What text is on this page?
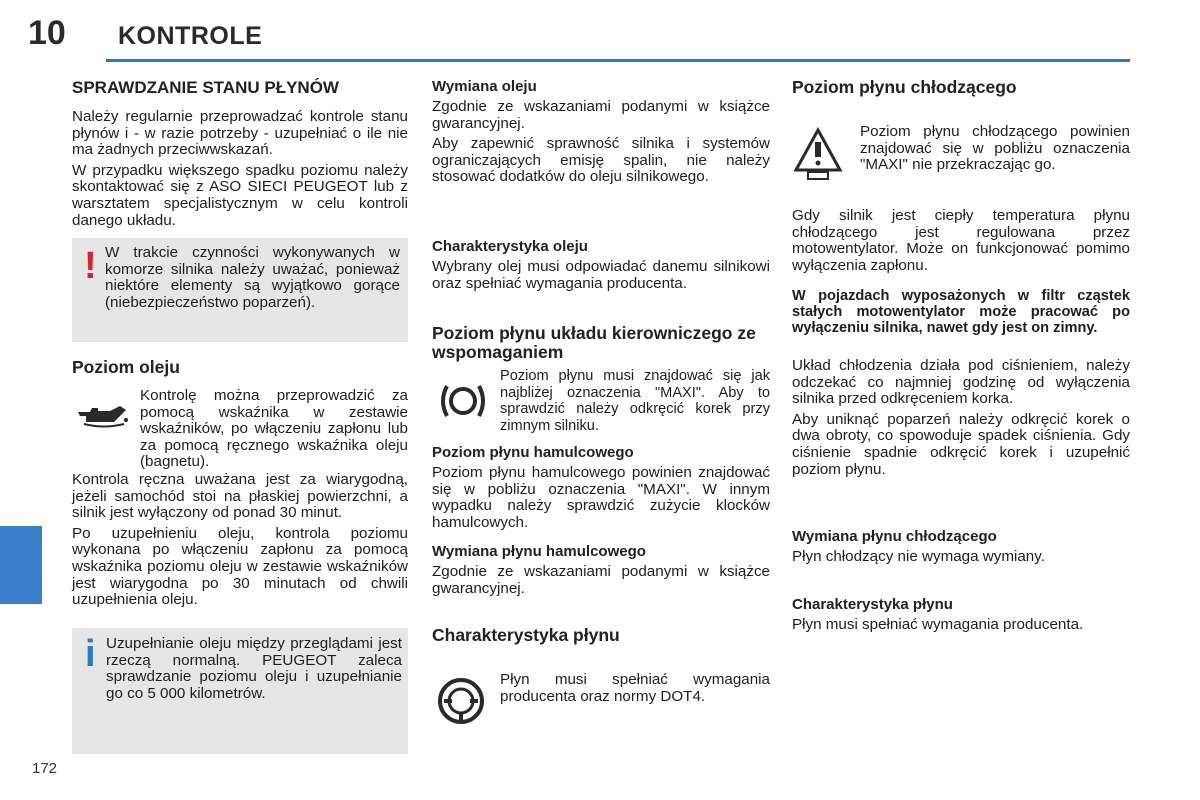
10 KONTROLE
172
SPRAWDZANIE STANU PŁYNÓW

Należy regularnie przeprowadzać kontrole stanu płynów i - w razie potrzeby - uzupełniać o ile nie ma żadnych przeciwwskazań.

W przypadku większego spadku poziomu należy skontaktować się z ASO SIECI PEUGEOT lub z warsztatem specjalistycznym w celu kontroli danego układu.

! W trakcie czynności wykonywanych w komorze silnika należy uważać, ponieważ niektóre elementy są wyjątkowo gorące (niebezpieczeństwo poparzeń).

Poziom oleju

Kontrolę można przeprowadzić za pomocą wskaźnika w zestawie wskaźników, po włączeniu zapłonu lub za pomocą ręcznego wskaźnika oleju (bagnetu).

Kontrola ręczna uważana jest za wiarygodną, jeżeli samochód stoi na płaskiej powierzchni, a silnik jest wyłączony od ponad 30 minut.

Po uzupełnieniu oleju, kontrola poziomu wykonana po włączeniu zapłonu za pomocą wskaźnika poziomu oleju w zestawie wskaźników jest wiarygodna po 30 minutach od chwili uzupełnienia oleju.

i Uzupełnianie oleju między przeglądami jest rzeczą normalną. PEUGEOT zaleca sprawdzanie poziomu oleju i uzupełnianie go co 5 000 kilometrów.

Wymiana oleju

Zgodnie ze wskazaniami podanymi w książce gwarancyjnej.

Aby zapewnić sprawność silnika i systemów ograniczających emisję spalin, nie należy stosować dodatków do oleju silnikowego.

Charakterystyka oleju

Wybrany olej musi odpowiadać danemu silnikowi oraz spełniać wymagania producenta.

Poziom płynu układu kierowniczego ze wspomaganiem

Poziom płynu musi znajdować się jak najbliżej oznaczenia "MAXI". Aby to sprawdzić należy odkręcić korek przy zimnym silniku.

Poziom płynu hamulcowego

Poziom płynu hamulcowego powinien znajdować się w pobliżu oznaczenia "MAXI". W innym wypadku należy sprawdzić zużycie klocków hamulcowych.

Wymiana płynu hamulcowego

Zgodnie ze wskazaniami podanymi w książce gwarancyjnej.

Charakterystyka płynu

Płyn musi spełniać wymagania producenta oraz normy DOT4.

Poziom płynu chłodzącego

Poziom płynu chłodzącego powinien znajdować się w pobliżu oznaczenia "MAXI" nie przekraczając go.

Gdy silnik jest ciepły temperatura płynu chłodzącego jest regulowana przez motowentylator. Może on funkcjonować pomimo wyłączenia zapłonu.

W pojazdach wyposażonych w filtr cząstek stałych motowentylator może pracować po wyłączeniu silnika, nawet gdy jest on zimny.

Układ chłodzenia działa pod ciśnieniem, należy odczekać co najmniej godzinę od wyłączenia silnika przed odkręceniem korka.

Aby uniknąć poparzeń należy odkręcić korek o dwa obroty, co spowoduje spadek ciśnienia. Gdy ciśnienie spadnie odkręcić korek i uzupełnić poziom płynu.

Wymiana płynu chłodzącego

Płyn chłodzący nie wymaga wymiany.

Charakterystyka płynu

Płyn musi spełniać wymagania producenta.
